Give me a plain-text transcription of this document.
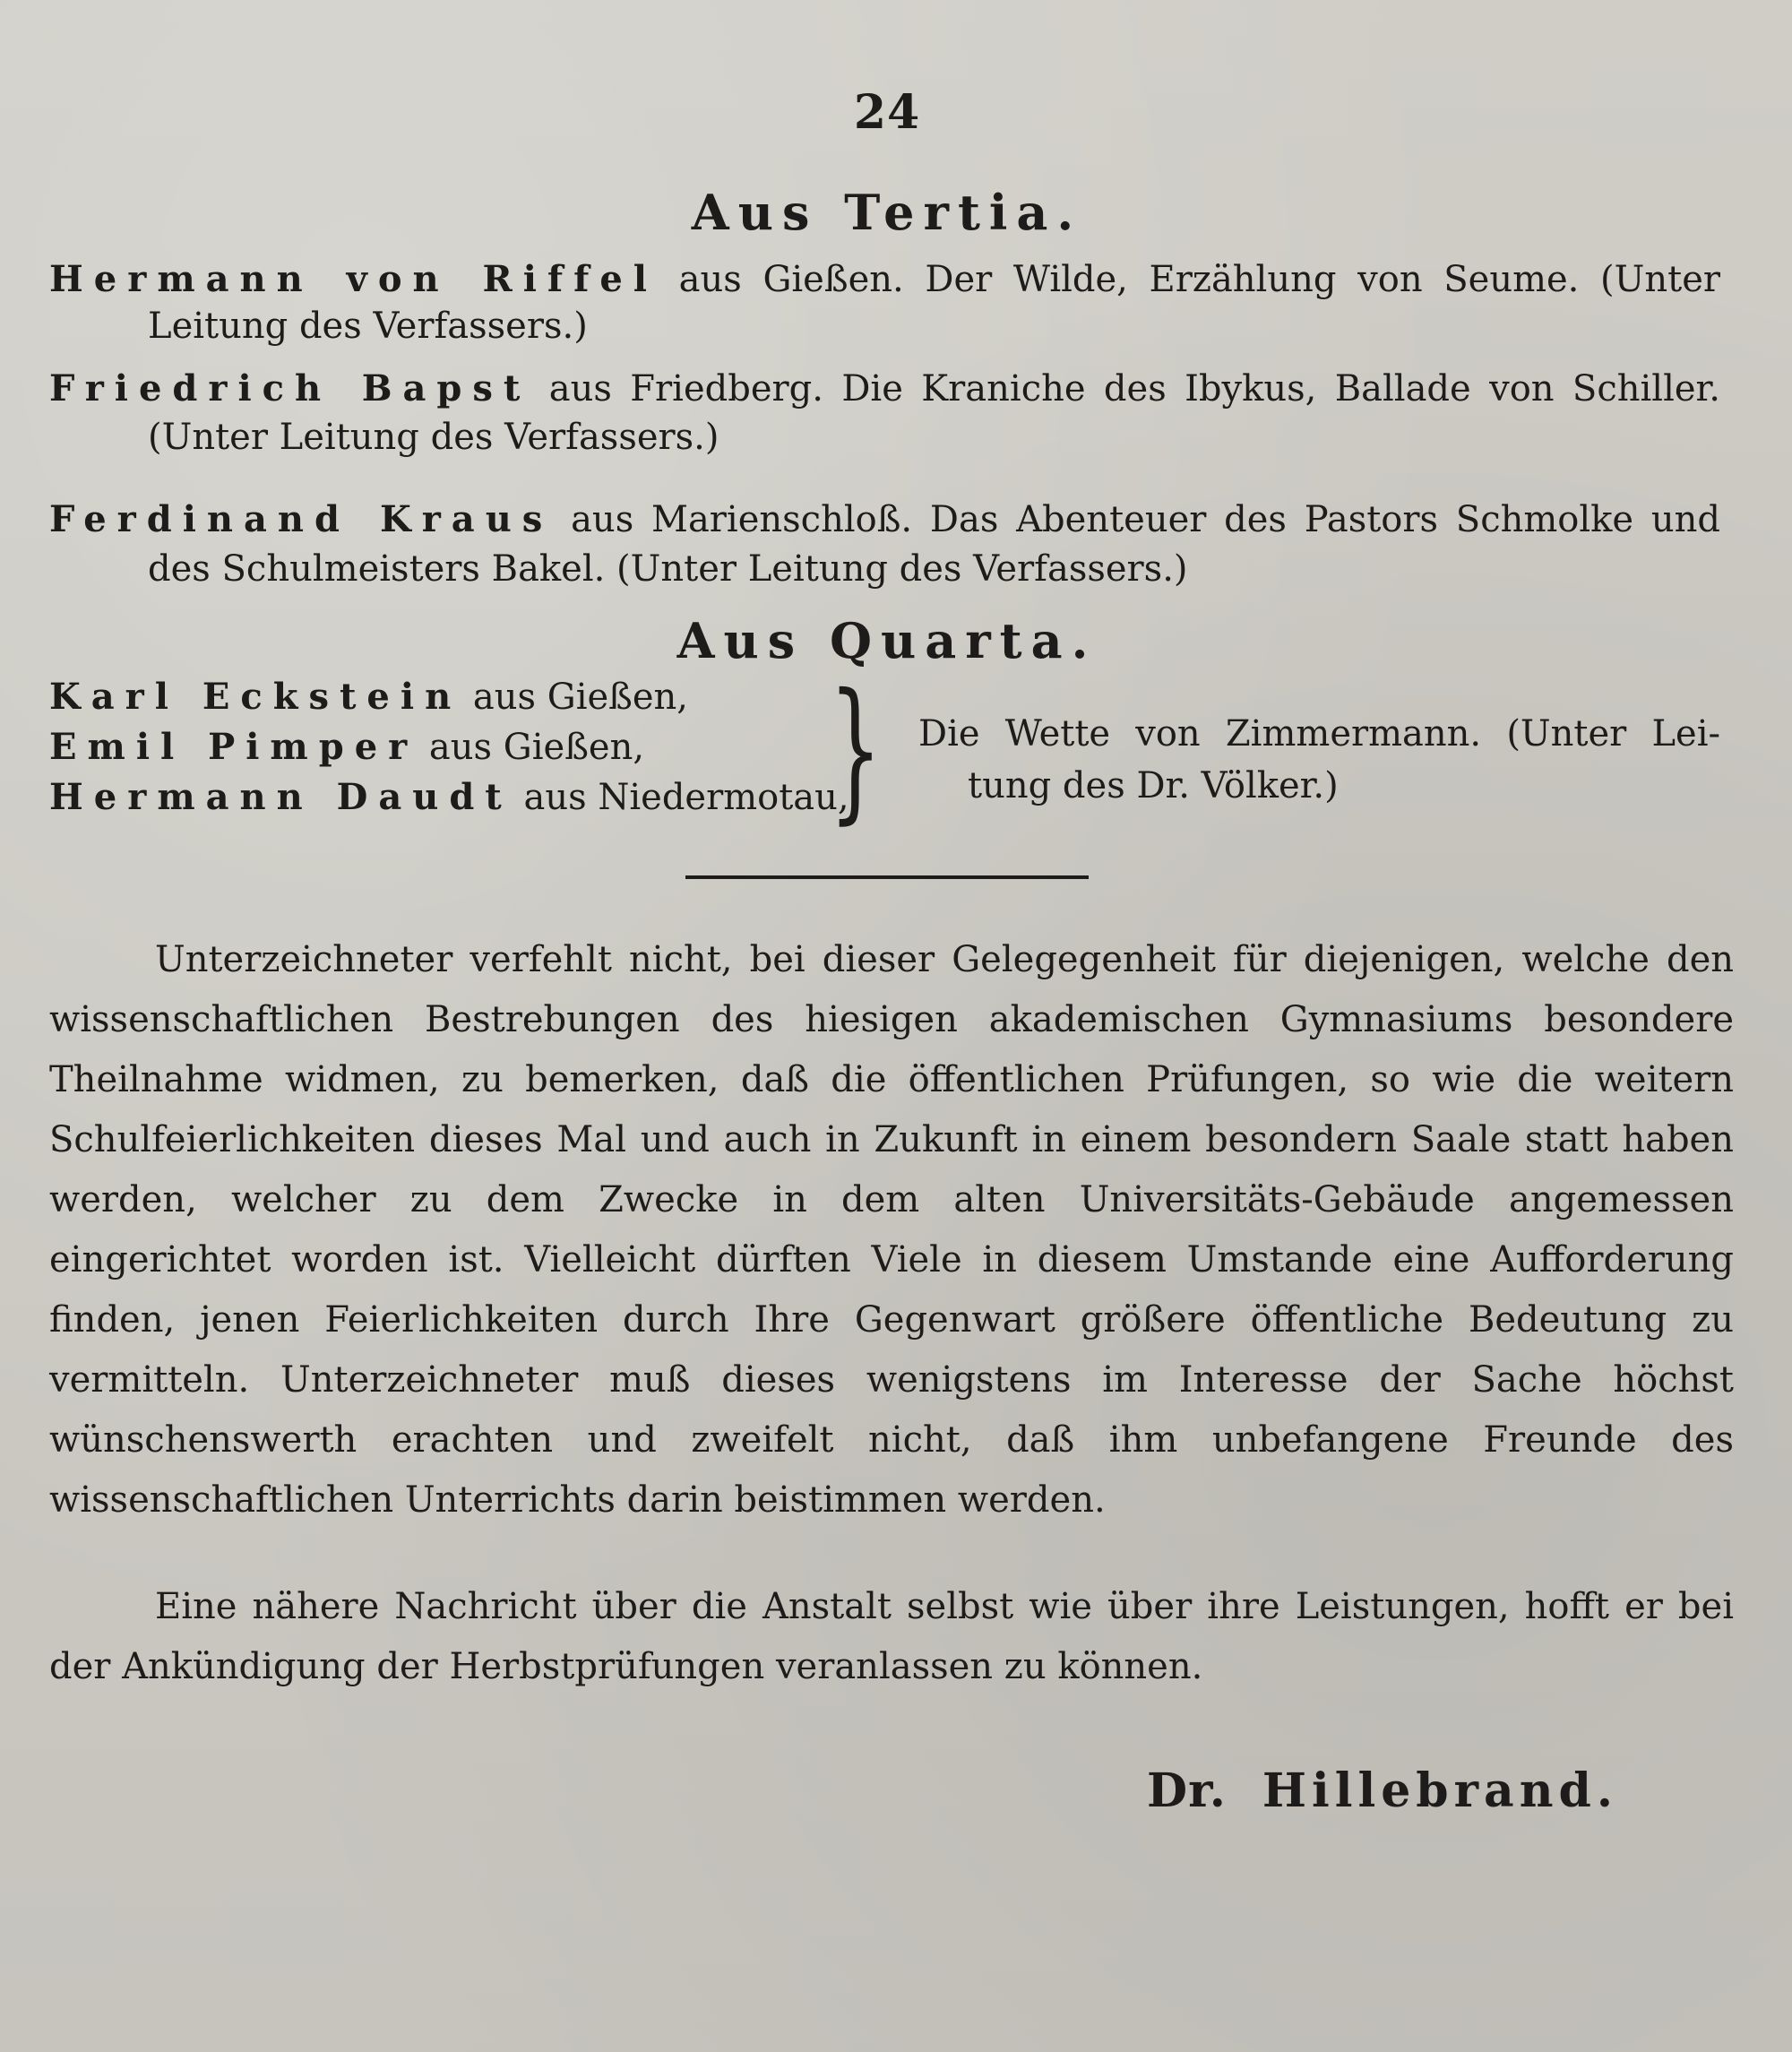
24
Aus Tertia.
Hermann von Riffel aus Gießen. Der Wilde, Erzählung von Seume. (Unter
Leitung des Verfassers.)
Friedrich Bapst aus Friedberg. Die Kraniche des Ibykus, Ballade von Schiller.
(Unter Leitung des Verfassers.)
Ferdinand Kraus aus Marienschloß. Das Abenteuer des Pastors Schmolke und
des Schulmeisters Bakel. (Unter Leitung des Verfassers.)
Aus Quarta.
Karl Eckstein aus Gießen,
Emil Pimper aus Gießen,
Hermann Daudt aus Niedermotau,
} Die Wette von Zimmermann. (Unter Lei-
tung des Dr. Völker.)
Unterzeichneter verfehlt nicht, bei dieser Gelegegenheit für diejenigen, welche den wissenschaftlichen Bestrebungen des hiesigen akademischen Gymnasiums besondere Theilnahme widmen, zu bemerken, daß die öffentlichen Prüfungen, so wie die weitern Schulfeierlichkeiten dieses Mal und auch in Zukunft in einem besondern Saale statt haben werden, welcher zu dem Zwecke in dem alten Universitäts-Gebäude angemessen eingerichtet worden ist. Vielleicht dürften Viele in diesem Umstande eine Aufforderung finden, jenen Feierlichkeiten durch Ihre Gegenwart größere öffentliche Bedeutung zu vermitteln. Unterzeichneter muß dieses wenigstens im Interesse der Sache höchst wünschenswerth erachten und zweifelt nicht, daß ihm unbefangene Freunde des wissenschaftlichen Unterrichts darin beistimmen werden.
Eine nähere Nachricht über die Anstalt selbst wie über ihre Leistungen, hofft er bei der Ankündigung der Herbstprüfungen veranlassen zu können.
Dr. Hillebrand.
